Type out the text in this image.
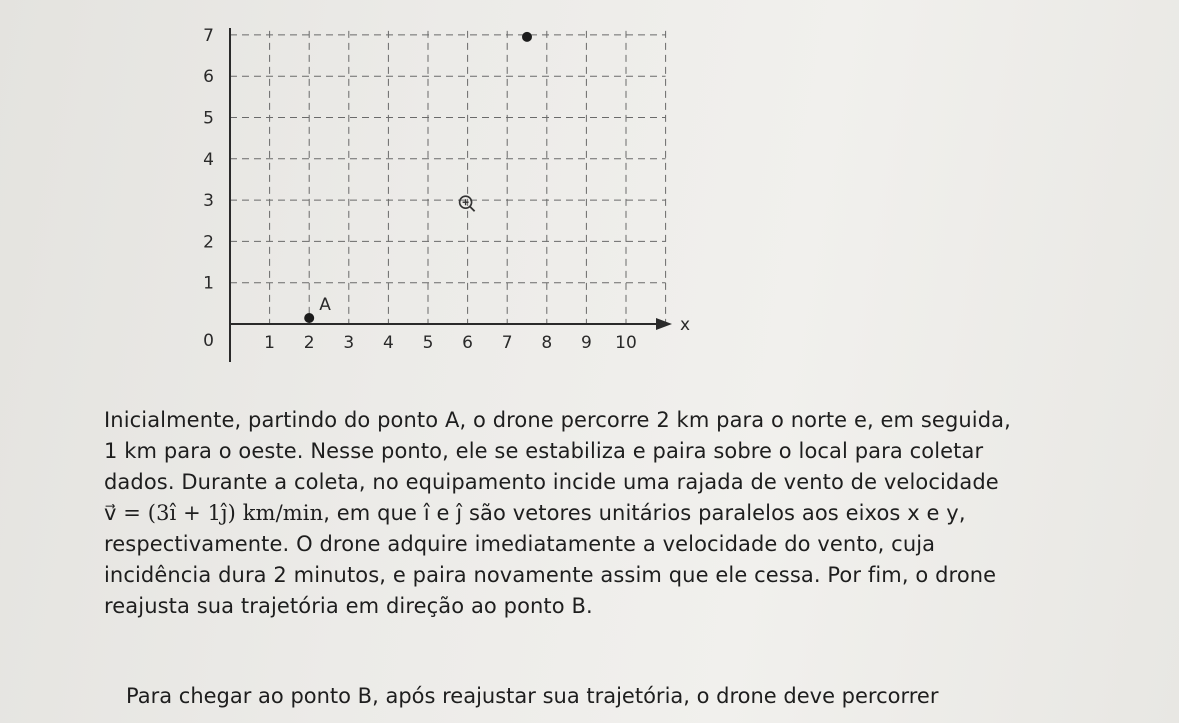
x
0
1
2
3
4
5
6
7
1 2 3 4 5 6 7 8 9 10
A

Inicialmente, partindo do ponto A, o drone percorre 2 km para o norte e, em seguida,
1 km para o oeste. Nesse ponto, ele se estabiliza e paira sobre o local para coletar
dados. Durante a coleta, no equipamento incide uma rajada de vento de velocidade
v⃗ = (3î + 1ĵ) km/min, em que î e ĵ são vetores unitários paralelos aos eixos x e y,
respectivamente. O drone adquire imediatamente a velocidade do vento, cuja
incidência dura 2 minutos, e paira novamente assim que ele cessa. Por fim, o drone
reajusta sua trajetória em direção ao ponto B.

Para chegar ao ponto B, após reajustar sua trajetória, o drone deve percorrer
